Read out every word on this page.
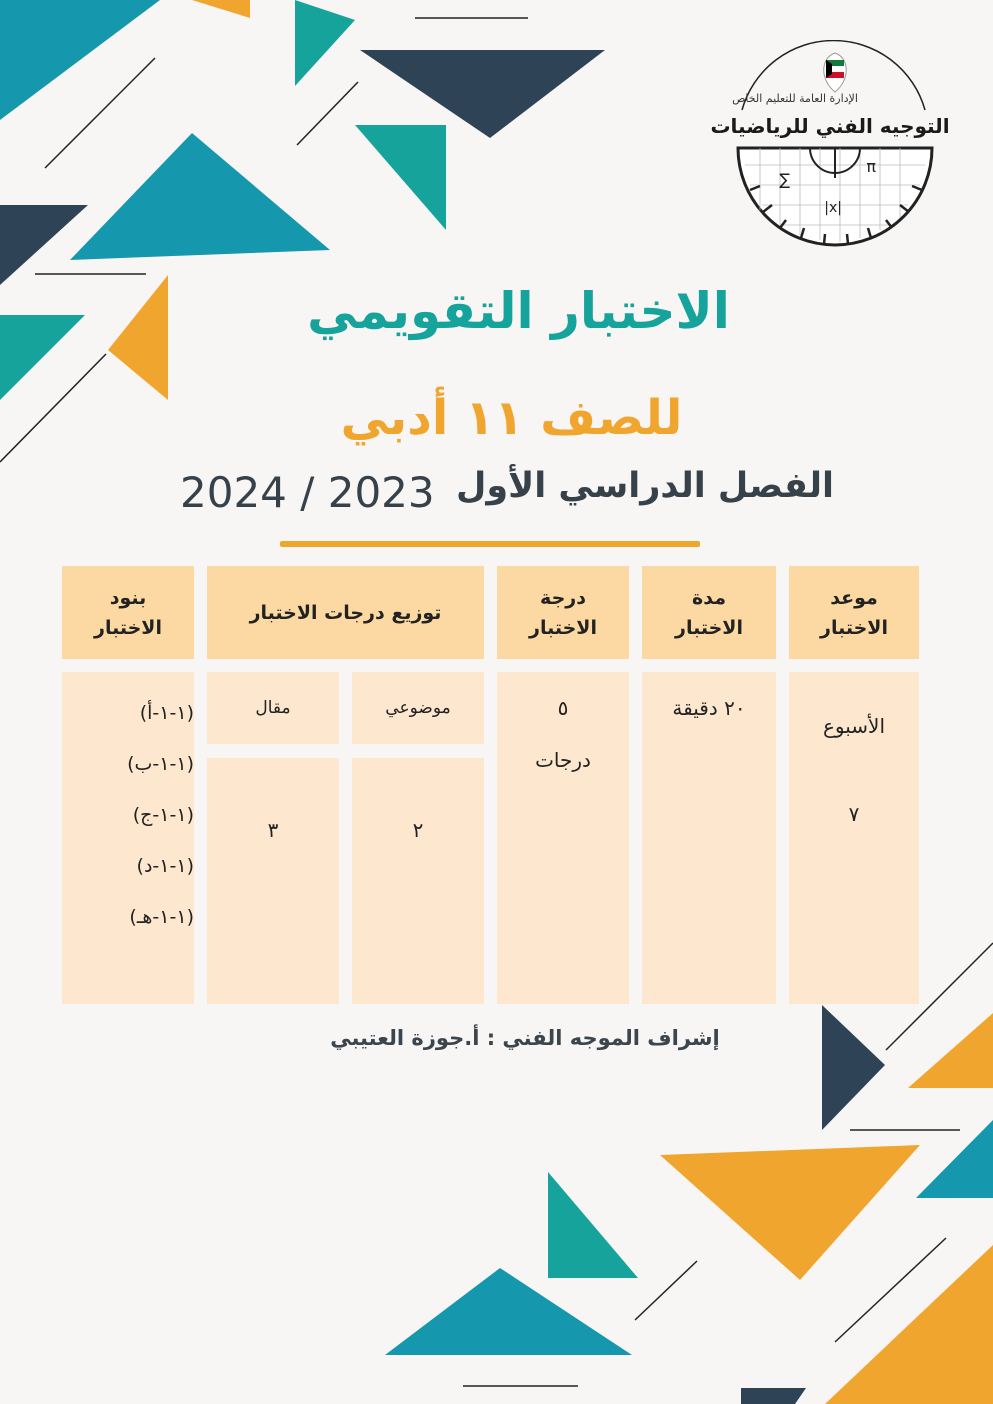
∑
π
|x|
الإدارة العامة للتعليم الخاص
التوجيه الفني للرياضيات
الاختبار التقويمي
للصف ١١ أدبي
الفصل الدراسي الأول
2024 / 2023
موعد
الاختبار
مدة
الاختبار
درجة
الاختبار
توزيع درجات الاختبار
بنود
الاختبار
الأسبوع
٧
٢٠ دقيقة
٥
درجات
موضوعي
مقال
٢
٣
(١-١-أ)
(١-١-ب)
(١-١-ج)
(١-١-د)
(١-١-هـ)
إشراف الموجه الفني : أ.جوزة العتيبي
